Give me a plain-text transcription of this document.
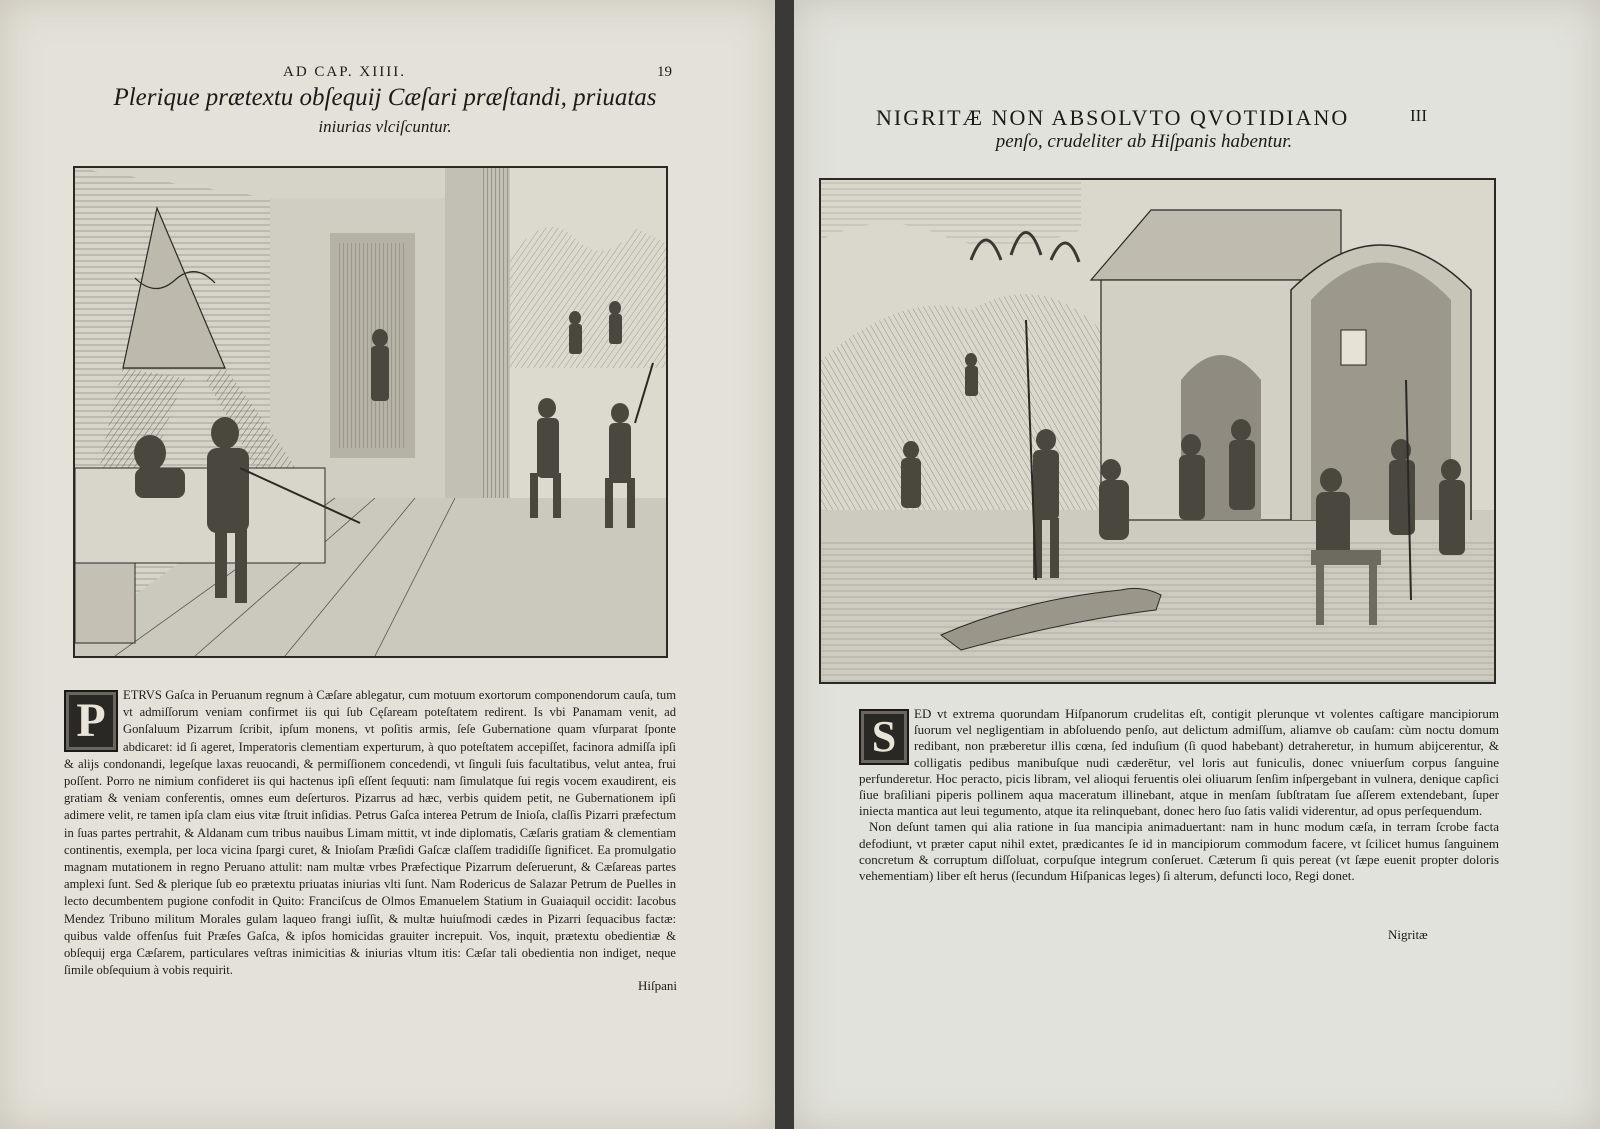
AD CAP. XIIII.	19
Plerique prætextu obſequij Cæſari præſtandi, priuatas
iniurias vlciſcuntur.

P	ETRVS Gaſca in Peruanum regnum à Cæſare ablegatur, cum motuum exortorum componendorum cauſa, tum vt admiſſorum veniam confirmet iis qui ſub Cęſaream poteſtatem redirent. Is vbi Panamam venit, ad Gonſaluum Pizarrum ſcribit, ipſum monens, vt poſitis armis, ſeſe Gubernatione quam vſurparat ſponte abdicaret: id ſi ageret, Imperatoris clementiam experturum, à quo poteſtatem accepiſſet, facinora admiſſa ipſi & alijs condonandi, legeſque laxas reuocandi, & permiſſionem concedendi, vt ſinguli ſuis facultatibus, velut antea, frui poſſent. Porro ne nimium confideret iis qui hactenus ipſi eſſent ſequuti: nam ſimulatque ſui regis vocem exaudirent, eis gratiam & veniam conferentis, omnes eum deſerturos. Pizarrus ad hæc, verbis quidem petit, ne Gubernationem ipſi adimere velit, re tamen ipſa clam eius vitæ ſtruit inſidias. Petrus Gaſca interea Petrum de Inioſa, claſſis Pizarri præfectum in ſuas partes pertrahit, & Aldanam cum tribus nauibus Limam mittit, vt inde diplomatis, Cæſaris gratiam & clementiam continentis, exempla, per loca vicina ſpargi curet, & Inioſam Præſidi Gaſcæ claſſem tradidiſſe ſignificet. Ea promulgatio magnam mutationem in regno Peruano attulit: nam multæ vrbes Præfectique Pizarrum deſeruerunt, & Cæſareas partes amplexi ſunt. Sed & plerique ſub eo prætextu priuatas iniurias vlti ſunt. Nam Rodericus de Salazar Petrum de Puelles in lecto decumbentem pugione confodit in Quito: Franciſcus de Olmos Emanuelem Statium in Guaiaquil occidit: Iacobus Mendez Tribuno militum Morales gulam laqueo frangi iuſſit, & multæ huiuſmodi cædes in Pizarri ſequacibus factæ: quibus valde offenſus fuit Præſes Gaſca, & ipſos homicidas grauiter increpuit. Vos, inquit, prætextu obedientiæ & obſequij erga Cæſarem, particulares veſtras inimicitias & iniurias vltum itis: Cæſar tali obedientia non indiget, neque ſimile obſequium à vobis requirit.

Hiſpani
NIGRITÆ NON ABSOLVTO QVOTIDIANO	III
penſo, crudeliter ab Hiſpanis habentur.

S	ED vt extrema quorundam Hiſpanorum crudelitas eſt, contigit plerunque vt volentes caſtigare mancipiorum ſuorum vel negligentiam in abſoluendo penſo, aut delictum admiſſum, aliamve ob cauſam: cùm noctu domum redibant, non præberetur illis cœna, ſed induſium (ſi quod habebant) detraheretur, in humum abijcerentur, & colligatis pedibus manibuſque nudi cæderētur, vel loris aut funiculis, donec vniuerſum corpus ſanguine perfunderetur. Hoc peracto, picis libram, vel alioqui feruentis olei oliuarum ſenſim inſpergebant in vulnera, denique capſici ſiue braſiliani piperis pollinem aqua maceratum illinebant, atque in menſam ſubſtratam ſue aſſerem extendebant, ſuper iniecta mantica aut leui tegumento, atque ita relinquebant, donec hero ſuo ſatis validi viderentur, ad opus perſequendum.

Non deſunt tamen qui alia ratione in ſua mancipia animaduertant: nam in hunc modum cæſa, in terram ſcrobe facta defodiunt, vt præter caput nihil extet, prædicantes ſe id in mancipiorum commodum facere, vt ſcilicet humus ſanguinem concretum & corruptum diſſoluat, corpuſque integrum conſeruet. Cæterum ſi quis pereat (vt ſæpe euenit propter doloris vehementiam) liber eſt herus (ſecundum Hiſpanicas leges) ſi alterum, defuncti loco, Regi donet.

Nigritæ
